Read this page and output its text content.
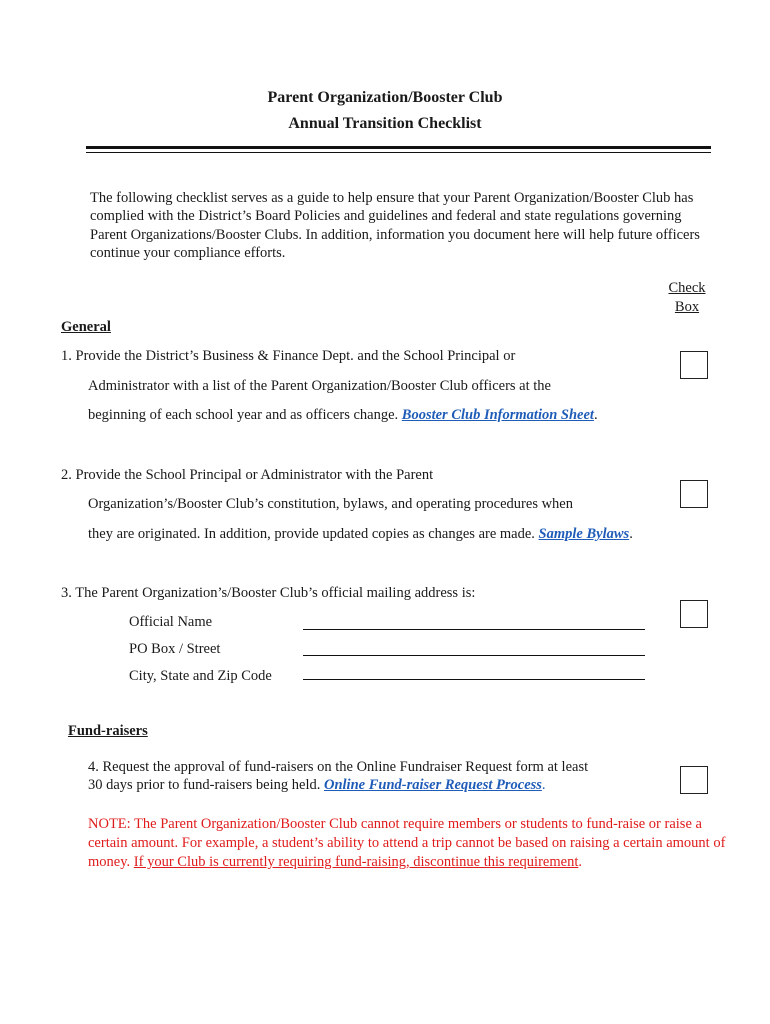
Parent Organization/Booster Club
Annual Transition Checklist
The following checklist serves as a guide to help ensure that your Parent Organization/Booster Club has complied with the District’s Board Policies and guidelines and federal and state regulations governing Parent Organizations/Booster Clubs. In addition, information you document here will help future officers continue your compliance efforts.
Check
Box
General
1. Provide the District’s Business & Finance Dept. and the School Principal or
Administrator with a list of the Parent Organization/Booster Club officers at the
beginning of each school year and as officers change. Booster Club Information Sheet.
2. Provide the School Principal or Administrator with the Parent
Organization’s/Booster Club’s constitution, bylaws, and operating procedures when
they are originated. In addition, provide updated copies as changes are made. Sample Bylaws.
3. The Parent Organization’s/Booster Club’s official mailing address is:
Official Name
PO Box / Street
City, State and Zip Code
Fund-raisers
4. Request the approval of fund-raisers on the Online Fundraiser Request form at least
30 days prior to fund-raisers being held. Online Fund-raiser Request Process.
NOTE: The Parent Organization/Booster Club cannot require members or students to fund-raise or raise a certain amount. For example, a student’s ability to attend a trip cannot be based on raising a certain amount of money. If your Club is currently requiring fund-raising, discontinue this requirement.
